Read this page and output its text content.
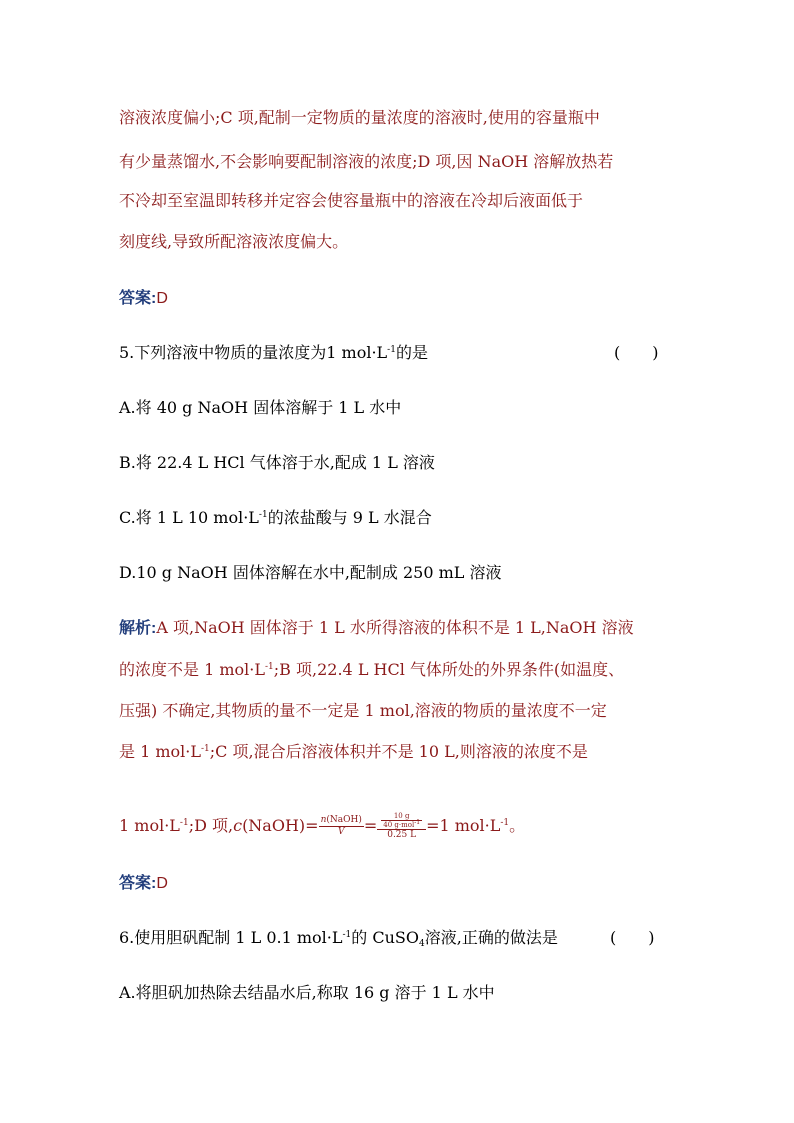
溶液浓度偏小;C 项,配制一定物质的量浓度的溶液时,使用的容量瓶中
有少量蒸馏水,不会影响要配制溶液的浓度;D 项,因 NaOH 溶解放热若
不冷却至室温即转移并定容会使容量瓶中的溶液在冷却后液面低于
刻度线,导致所配溶液浓度偏大。
答案:D
5.下列溶液中物质的量浓度为1 $mol\cdot L^{-1}$的是	(　　)
A.将 40 g NaOH 固体溶解于 1 L 水中
B.将 22.4 L HCl 气体溶于水,配成 1 L 溶液
C.将 1 L 10 $mol\cdot L^{-1}$的浓盐酸与 9 L 水混合
D.10 g NaOH 固体溶解在水中,配制成 250 mL 溶液
解析:A 项,NaOH 固体溶于 1 L 水所得溶液的体积不是 1 L,NaOH 溶液
的浓度不是 1 $mol\cdot L^{-1};B$ 项,22.4 L HCl 气体所处的外界条件(如温度、
压强) 不确定,其物质的量不一定是 1 mol,溶液的物质的量浓度不一定
是 1 $mol\cdot L^{-1};C$ 项,混合后溶液体积并不是 10 L,则溶液的浓度不是
1 $mol\cdot L^{-1};D$ 项,c(NaOH)= $\frac{\text{n(NaOH)}}{V} = \frac{\frac{10 g}{40 g\cdot mol^{-1}}}{0.25 L} =1$ $mol\cdot L^{-1}$。
答案:D
6.使用胆矾配制 1 L 0.1 $mol\cdot L^{-1}$的 CuSO$_4$溶液,正确的做法是	(　　)
A.将胆矾加热除去结晶水后,称取 16 g 溶于 1 L 水中
